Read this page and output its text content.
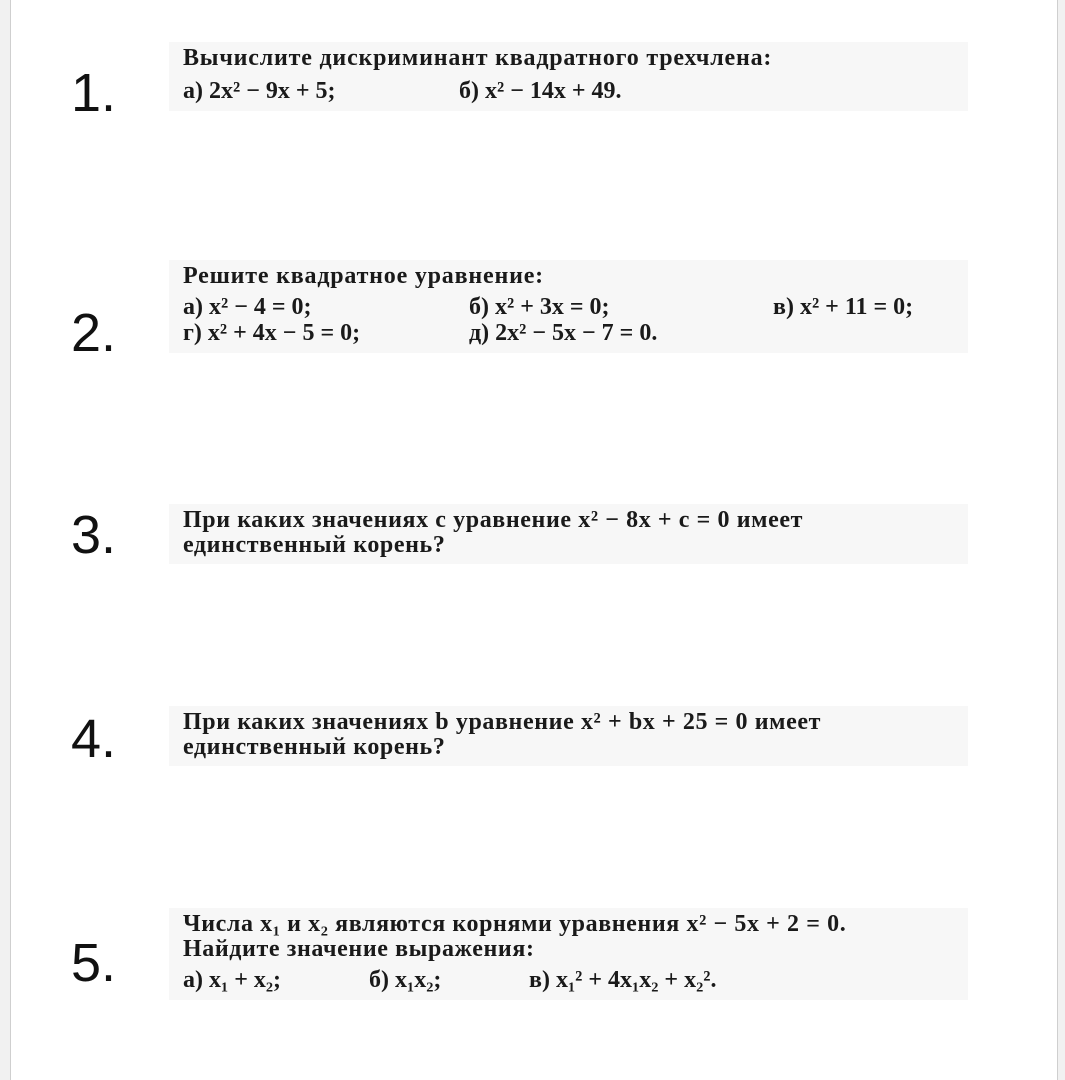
1.
Вычислите дискриминант квадратного трехчлена:
а) 2x² − 9x + 5;	б) x² − 14x + 49.
2.
Решите квадратное уравнение:
а) x² − 4 = 0;	б) x² + 3x = 0;	в) x² + 11 = 0;
г) x² + 4x − 5 = 0;	д) 2x² − 5x − 7 = 0.
3.	При каких значениях c уравнение x² − 8x + c = 0 имеет
единственный корень?
4.	При каких значениях b уравнение x² + bx + 25 = 0 имеет
единственный корень?
5.
Числа x₁ и x₂ являются корнями уравнения x² − 5x + 2 = 0.
Найдите значение выражения:
а) x₁ + x₂;	б) x₁x₂;	в) x₁² + 4x₁x₂ + x₂².
